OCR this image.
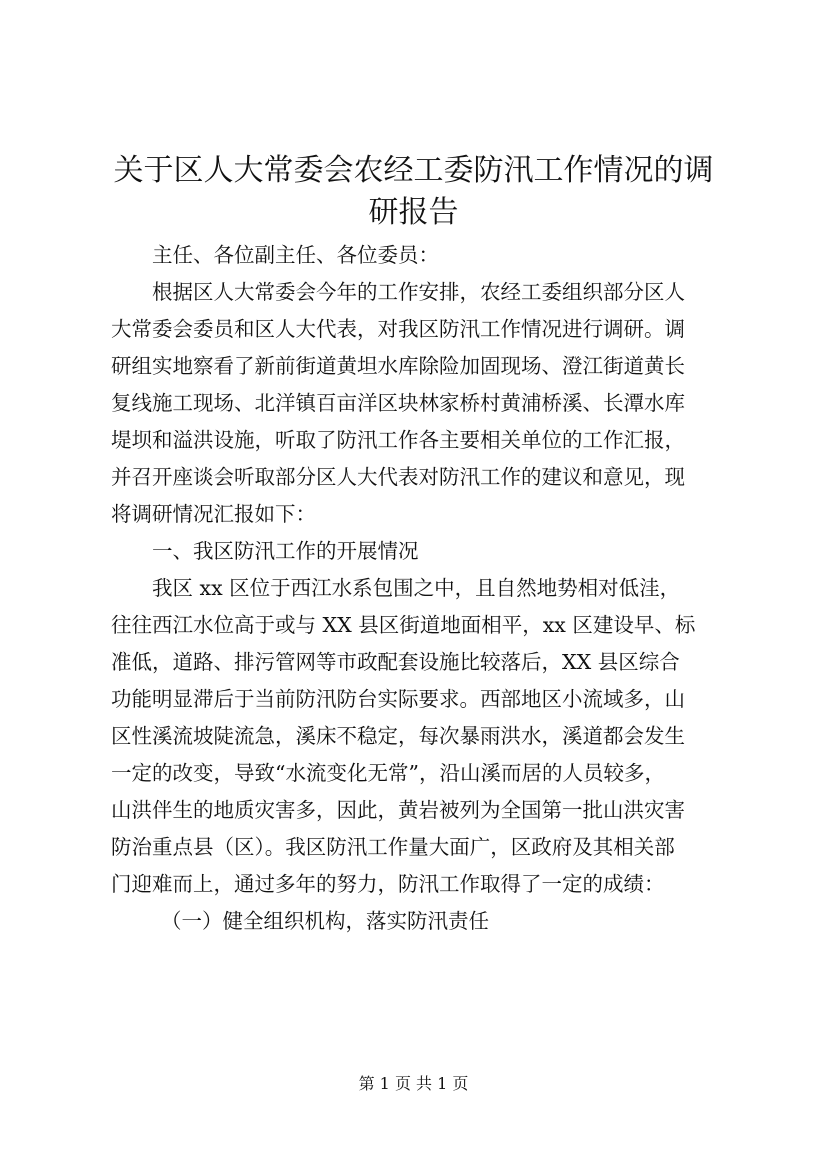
关于区人大常委会农经工委防汛工作情况的调
研报告
主任、各位副主任、各位委员：
根据区人大常委会今年的工作安排，农经工委组织部分区人
大常委会委员和区人大代表，对我区防汛工作情况进行调研。调
研组实地察看了新前街道黄坦水库除险加固现场、澄江街道黄长
复线施工现场、北洋镇百亩洋区块林家桥村黄浦桥溪、长潭水库
堤坝和溢洪设施，听取了防汛工作各主要相关单位的工作汇报，
并召开座谈会听取部分区人大代表对防汛工作的建议和意见，现
将调研情况汇报如下：
一、我区防汛工作的开展情况
我区 xx 区位于西江水系包围之中，且自然地势相对低洼，
往往西江水位高于或与 XX 县区街道地面相平，xx 区建设早、标
准低，道路、排污管网等市政配套设施比较落后，XX 县区综合
功能明显滞后于当前防汛防台实际要求。西部地区小流域多，山
区性溪流坡陡流急，溪床不稳定，每次暴雨洪水，溪道都会发生
一定的改变，导致“水流变化无常”，沿山溪而居的人员较多，
山洪伴生的地质灾害多，因此，黄岩被列为全国第一批山洪灾害
防治重点县（区）。我区防汛工作量大面广，区政府及其相关部
门迎难而上，通过多年的努力，防汛工作取得了一定的成绩：
（一）健全组织机构，落实防汛责任
第 1 页 共 1 页
